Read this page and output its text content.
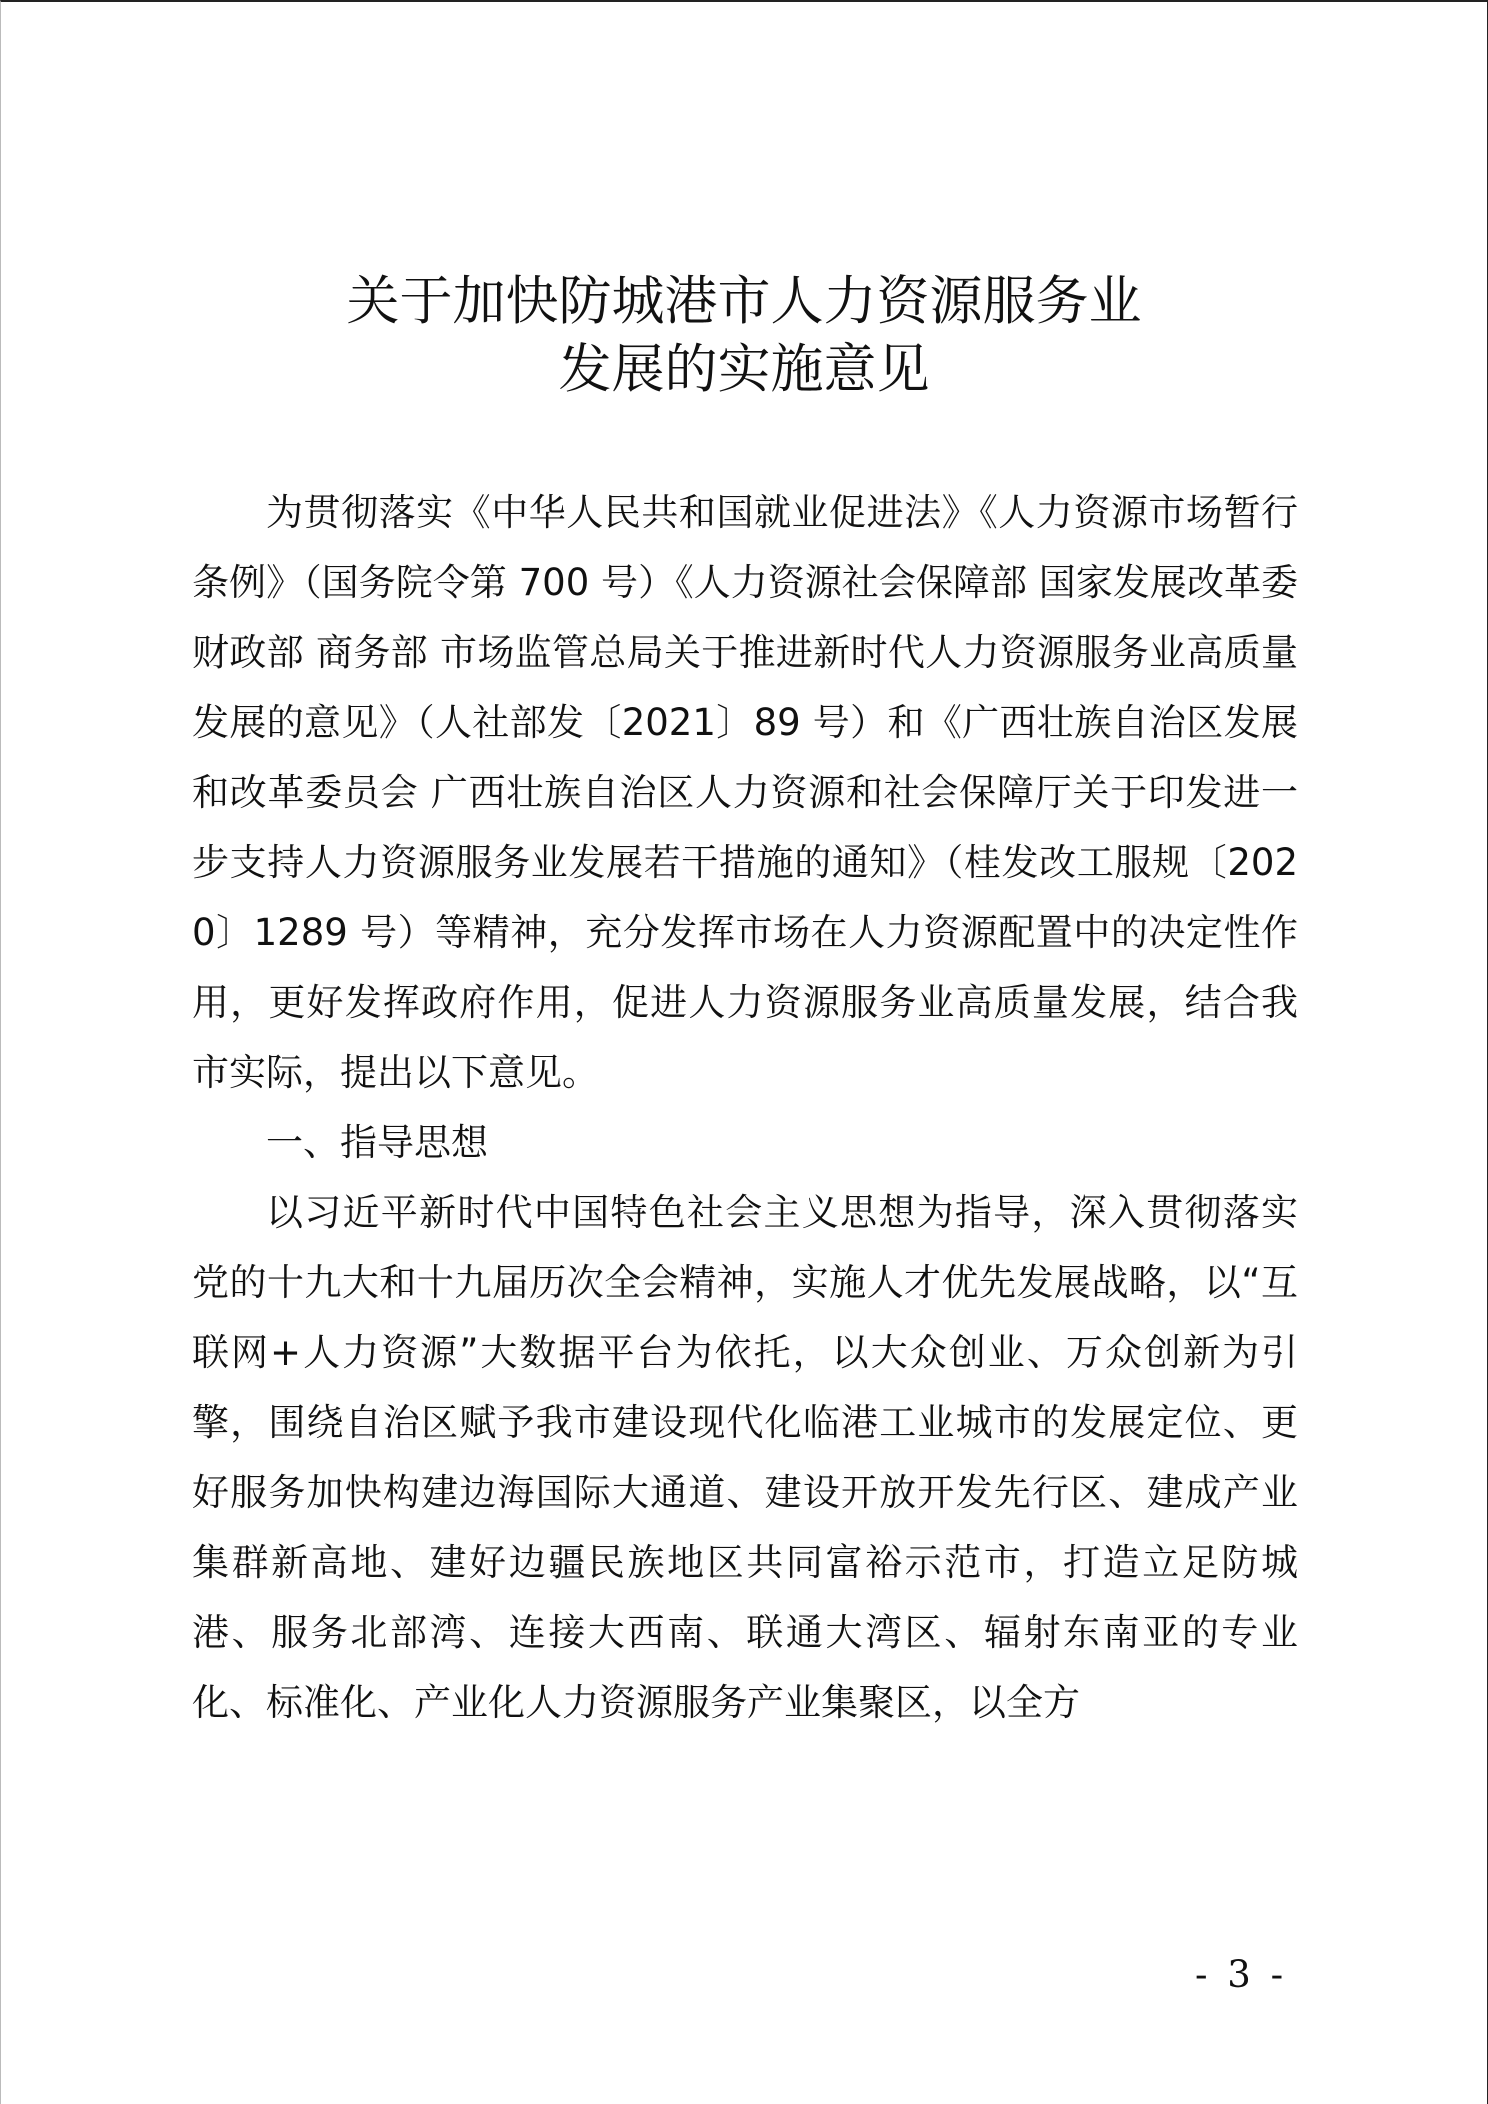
关于加快防城港市人力资源服务业
发展的实施意见

为贯彻落实《中华人民共和国就业促进法》《人力资源市场暂行条例》（国务院令第 700 号）《人力资源社会保障部 国家发展改革委 财政部 商务部 市场监管总局关于推进新时代人力资源服务业高质量发展的意见》（人社部发〔2021〕89 号）和《广西壮族自治区发展和改革委员会 广西壮族自治区人力资源和社会保障厅关于印发进一步支持人力资源服务业发展若干措施的通知》（桂发改工服规〔2020〕1289 号）等精神，充分发挥市场在人力资源配置中的决定性作用，更好发挥政府作用，促进人力资源服务业高质量发展，结合我市实际，提出以下意见。

一、指导思想

以习近平新时代中国特色社会主义思想为指导，深入贯彻落实党的十九大和十九届历次全会精神，实施人才优先发展战略，以“互联网+人力资源”大数据平台为依托，以大众创业、万众创新为引擎，围绕自治区赋予我市建设现代化临港工业城市的发展定位、更好服务加快构建边海国际大通道、建设开放开发先行区、建成产业集群新高地、建好边疆民族地区共同富裕示范市，打造立足防城港、服务北部湾、连接大西南、联通大湾区、辐射东南亚的专业化、标准化、产业化人力资源服务产业集聚区，以全方

- 3 -
